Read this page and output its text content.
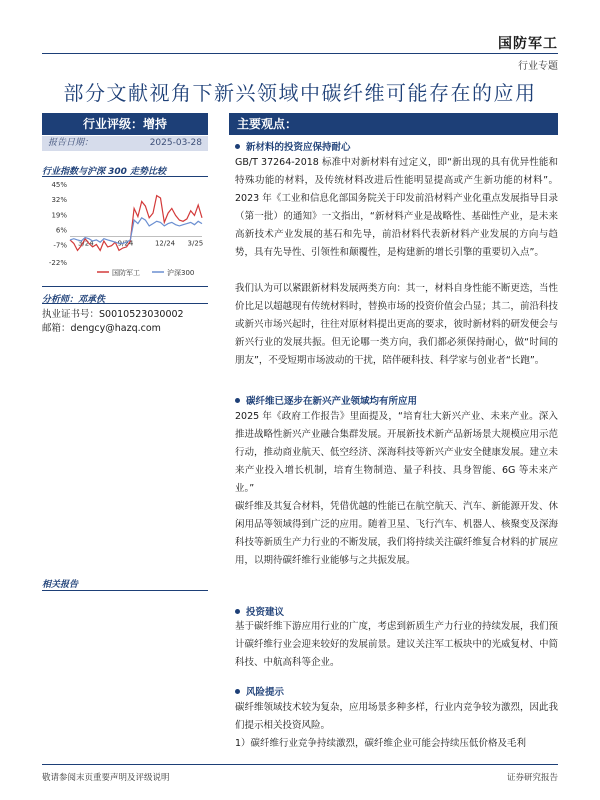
国防军工
行业专题
部分文献视角下新兴领域中碳纤维可能存在的应用
行业评级：增持
报告日期：	2025-03-28
行业指数与沪深 300 走势比较
45%
32%
19%
6%
-7%
-22%
3/24	9/24	12/24 3/25
国防军工	沪深300
分析师：邓承佚
执业证书号：S0010523030002
邮箱：dengcy@hazq.com
相关报告
主要观点：
新材料的投资应保持耐心

GB/T 37264-2018 标准中对新材料有过定义，即“新出现的具有优异性能和特殊功能的材料，及传统材料改进后性能明显提高或产生新功能的材料”。2023 年《工业和信息化部国务院关于印发前沿材料产业化重点发展指导目录（第一批）的通知》一文指出，“新材料产业是战略性、基础性产业，是未来高新技术产业发展的基石和先导，前沿材料代表新材料产业发展的方向与趋势，具有先导性、引领性和颠覆性，是构建新的增长引擎的重要切入点”。

我们认为可以紧跟新材料发展两类方向：其一，材料自身性能不断更迭，当性价比足以超越现有传统材料时，替换市场的投资价值会凸显；其二，前沿科技或新兴市场兴起时，往往对原材料提出更高的要求，彼时新材料的研发便会与新兴行业的发展共振。但无论哪一类方向，我们都必须保持耐心，做“时间的朋友”，不受短期市场波动的干扰，陪伴硬科技、科学家与创业者“长跑”。

碳纤维已逐步在新兴产业领域均有所应用

2025 年《政府工作报告》里面提及，“培育壮大新兴产业、未来产业。深入推进战略性新兴产业融合集群发展。开展新技术新产品新场景大规模应用示范行动，推动商业航天、低空经济、深海科技等新兴产业安全健康发展。建立未来产业投入增长机制，培育生物制造、量子科技、具身智能、6G 等未来产业。”

碳纤维及其复合材料，凭借优越的性能已在航空航天、汽车、新能源开发、休闲用品等领域得到广泛的应用。随着卫星、飞行汽车、机器人、核聚变及深海科技等新质生产力行业的不断发展，我们将持续关注碳纤维复合材料的扩展应用，以期待碳纤维行业能够与之共振发展。

投资建议

基于碳纤维下游应用行业的广度，考虑到新质生产力行业的持续发展，我们预计碳纤维行业会迎来较好的发展前景。建议关注军工板块中的光威复材、中简科技、中航高科等企业。

风险提示

碳纤维领域技术较为复杂，应用场景多种多样，行业内竞争较为激烈，因此我们提示相关投资风险。

1）碳纤维行业竞争持续激烈，碳纤维企业可能会持续压低价格及毛利

敬请参阅末页重要声明及评级说明	证券研究报告
